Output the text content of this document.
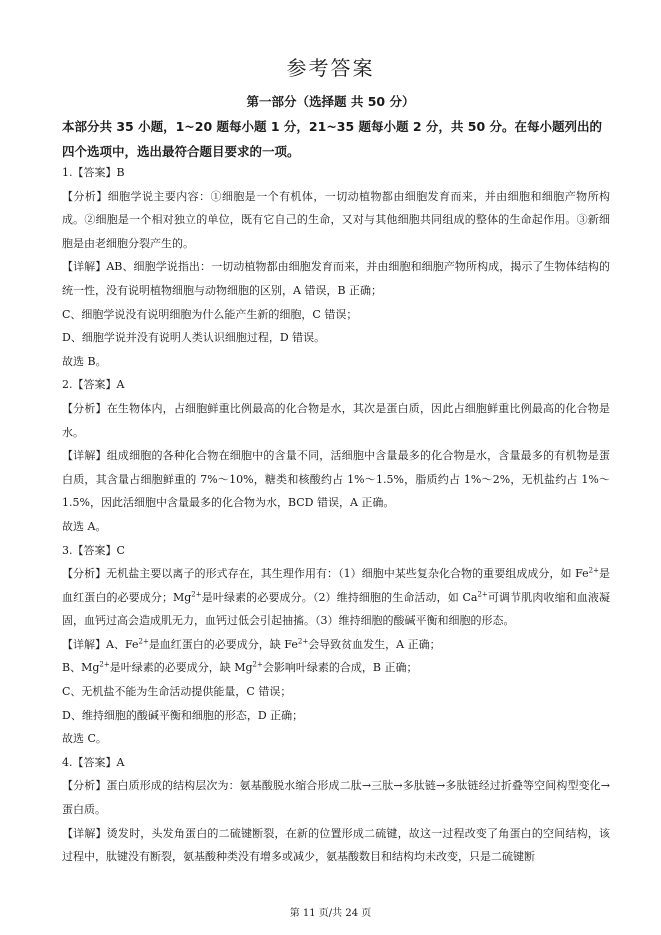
参考答案
第一部分（选择题 共 50 分）
本部分共 35 小题，1~20 题每小题 1 分，21~35 题每小题 2 分，共 50 分。在每小题列出的四个选项中，选出最符合题目要求的一项。

1.【答案】B

【分析】细胞学说主要内容：①细胞是一个有机体，一切动植物都由细胞发育而来，并由细胞和细胞产物所构成。②细胞是一个相对独立的单位，既有它自己的生命，又对与其他细胞共同组成的整体的生命起作用。③新细胞是由老细胞分裂产生的。

【详解】AB、细胞学说指出：一切动植物都由细胞发育而来，并由细胞和细胞产物所构成，揭示了生物体结构的统一性，没有说明植物细胞与动物细胞的区别，A 错误，B 正确；

C、细胞学说没有说明细胞为什么能产生新的细胞，C 错误；

D、细胞学说并没有说明人类认识细胞过程，D 错误。

故选 B。

2.【答案】A

【分析】在生物体内，占细胞鲜重比例最高的化合物是水，其次是蛋白质，因此占细胞鲜重比例最高的化合物是水。

【详解】组成细胞的各种化合物在细胞中的含量不同，活细胞中含量最多的化合物是水，含量最多的有机物是蛋白质，其含量占细胞鲜重的 7%～10%，糖类和核酸约占 1%～1.5%，脂质约占 1%～2%，无机盐约占 1%～1.5%，因此活细胞中含量最多的化合物为水，BCD 错误，A 正确。

故选 A。

3.【答案】C

【分析】无机盐主要以离子的形式存在，其生理作用有：（1）细胞中某些复杂化合物的重要组成成分，如 $Fe^{2+}$是血红蛋白的必要成分；$Mg^{2+}$是叶绿素的必要成分。（2）维持细胞的生命活动，如 $Ca^{2+}$可调节肌肉收缩和血液凝固，血钙过高会造成肌无力，血钙过低会引起抽搐。（3）维持细胞的酸碱平衡和细胞的形态。

【详解】A、$Fe^{2+}$是血红蛋白的必要成分，缺 $Fe^{2+}$会导致贫血发生，A 正确；

B、$Mg^{2+}$是叶绿素的必要成分，缺 $Mg^{2+}$会影响叶绿素的合成，B 正确；

C、无机盐不能为生命活动提供能量，C 错误；

D、维持细胞的酸碱平衡和细胞的形态，D 正确；

故选 C。

4.【答案】A

【分析】蛋白质形成的结构层次为：氨基酸脱水缩合形成二肽→三肽→多肽链→多肽链经过折叠等空间构型变化→蛋白质。

【详解】烫发时，头发角蛋白的二硫键断裂，在新的位置形成二硫键，故这一过程改变了角蛋白的空间结构，该过程中，肽键没有断裂，氨基酸种类没有增多或减少，氨基酸数目和结构均未改变，只是二硫键断

第 11 页/共 24 页
